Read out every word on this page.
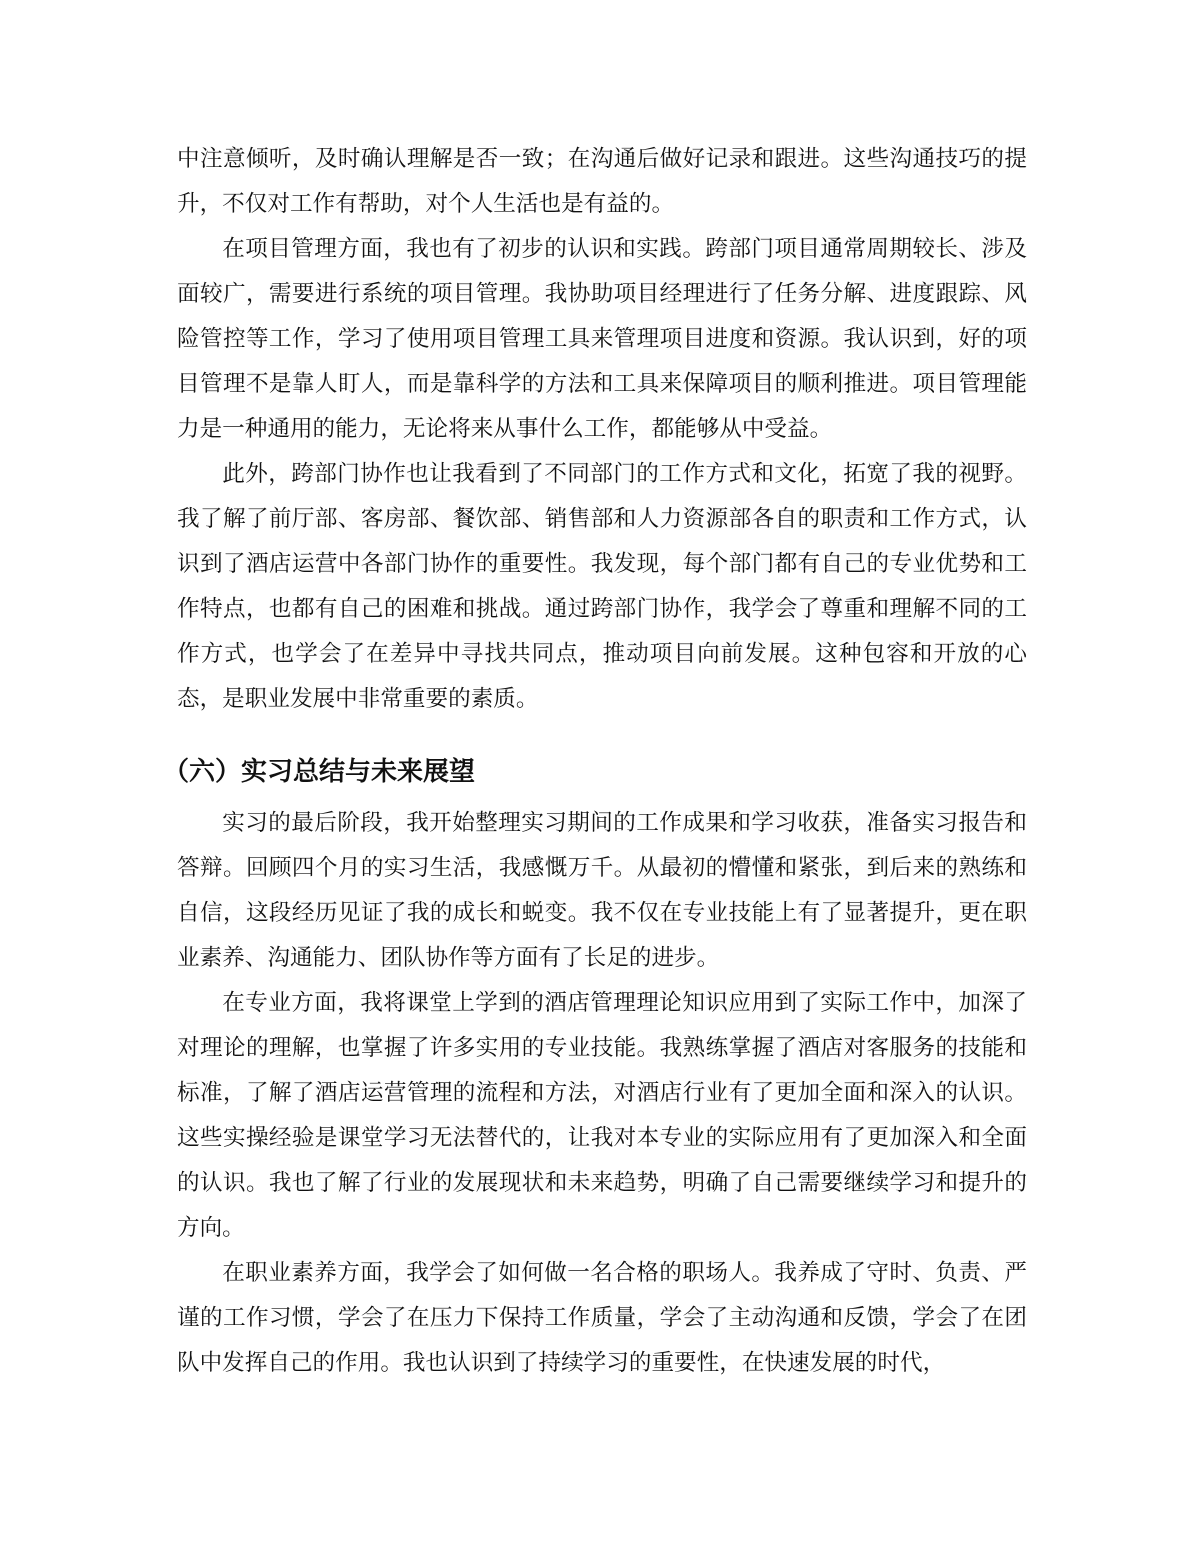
中注意倾听，及时确认理解是否一致；在沟通后做好记录和跟进。这些沟通技巧的提升，不仅对工作有帮助，对个人生活也是有益的。

在项目管理方面，我也有了初步的认识和实践。跨部门项目通常周期较长、涉及面较广，需要进行系统的项目管理。我协助项目经理进行了任务分解、进度跟踪、风险管控等工作，学习了使用项目管理工具来管理项目进度和资源。我认识到，好的项目管理不是靠人盯人，而是靠科学的方法和工具来保障项目的顺利推进。项目管理能力是一种通用的能力，无论将来从事什么工作，都能够从中受益。

此外，跨部门协作也让我看到了不同部门的工作方式和文化，拓宽了我的视野。我了解了前厅部、客房部、餐饮部、销售部和人力资源部各自的职责和工作方式，认识到了酒店运营中各部门协作的重要性。我发现，每个部门都有自己的专业优势和工作特点，也都有自己的困难和挑战。通过跨部门协作，我学会了尊重和理解不同的工作方式，也学会了在差异中寻找共同点，推动项目向前发展。这种包容和开放的心态，是职业发展中非常重要的素质。

（六）实习总结与未来展望

实习的最后阶段，我开始整理实习期间的工作成果和学习收获，准备实习报告和答辩。回顾四个月的实习生活，我感慨万千。从最初的懵懂和紧张，到后来的熟练和自信，这段经历见证了我的成长和蜕变。我不仅在专业技能上有了显著提升，更在职业素养、沟通能力、团队协作等方面有了长足的进步。

在专业方面，我将课堂上学到的酒店管理理论知识应用到了实际工作中，加深了对理论的理解，也掌握了许多实用的专业技能。我熟练掌握了酒店对客服务的技能和标准，了解了酒店运营管理的流程和方法，对酒店行业有了更加全面和深入的认识。这些实操经验是课堂学习无法替代的，让我对本专业的实际应用有了更加深入和全面的认识。我也了解了行业的发展现状和未来趋势，明确了自己需要继续学习和提升的方向。

在职业素养方面，我学会了如何做一名合格的职场人。我养成了守时、负责、严谨的工作习惯，学会了在压力下保持工作质量，学会了主动沟通和反馈，学会了在团队中发挥自己的作用。我也认识到了持续学习的重要性，在快速发展的时代，
